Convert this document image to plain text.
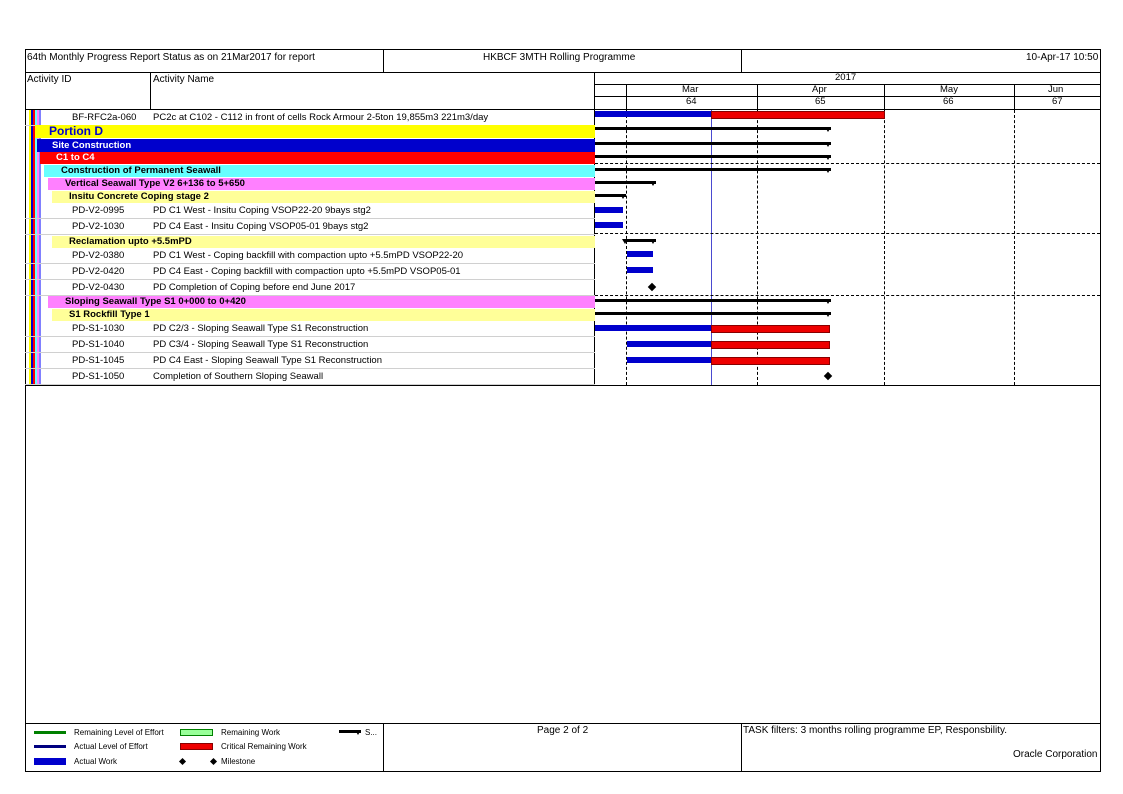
64th Monthly Progress Report Status as on 21Mar2017 for report	HKBCF 3MTH Rolling Programme	10-Apr-17 10:50
Activity ID	Activity Name	2017
Mar	Apr	May	Jun
64	65	66	67
BF-RFC2a-060	PC2c at C102 - C112 in front of cells Rock Armour 2-5ton 19,855m3 221m3/day
Portion D
Site Construction
C1 to C4
Construction of Permanent Seawall
Vertical Seawall Type V2 6+136 to 5+650
Insitu Concrete Coping stage 2
PD-V2-0995	PD C1 West - Insitu Coping VSOP22-20 9bays stg2
PD-V2-1030	PD C4 East - Insitu Coping VSOP05-01 9bays stg2
Reclamation upto +5.5mPD
PD-V2-0380	PD C1 West - Coping backfill with compaction upto +5.5mPD VSOP22-20
PD-V2-0420	PD C4 East - Coping backfill with compaction upto +5.5mPD VSOP05-01
PD-V2-0430	PD Completion of Coping before end June 2017
Sloping Seawall Type S1 0+000 to 0+420
S1 Rockfill Type 1
PD-S1-1030	PD C2/3 - Sloping Seawall Type S1 Reconstruction
PD-S1-1040	PD C3/4 - Sloping Seawall Type S1 Reconstruction
PD-S1-1045	PD C4 East - Sloping Seawall Type S1 Reconstruction
PD-S1-1050	Completion of Southern Sloping Seawall
Remaining Level of Effort
Actual Level of Effort
Actual Work
Remaining Work
Critical Remaining Work
Milestone
S...	Page 2 of 2	TASK filters: 3 months rolling programme EP, Responsbility.
Oracle Corporation
